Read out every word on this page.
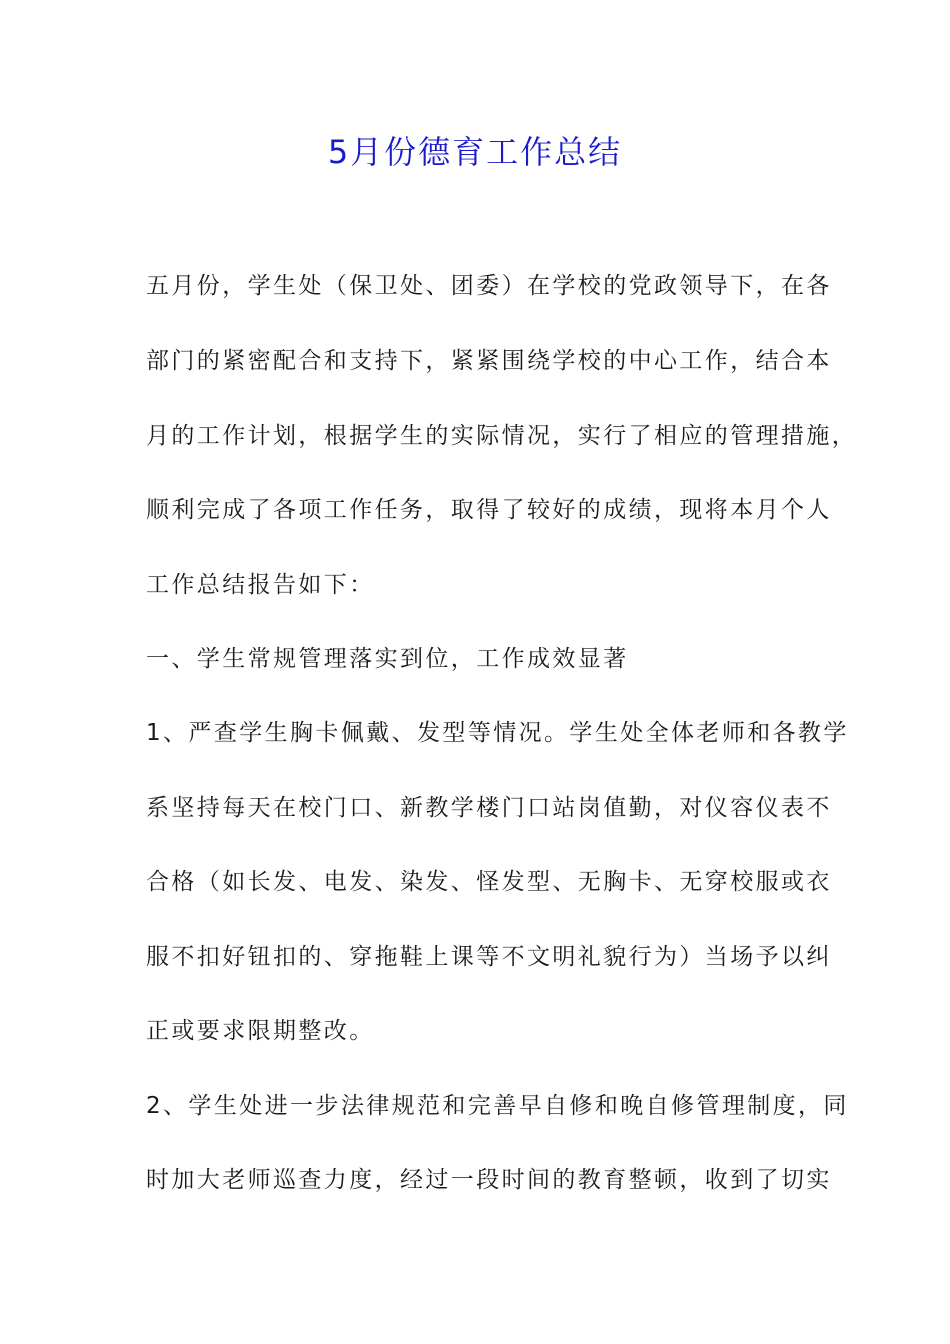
5月份德育工作总结
五月份，学生处（保卫处、团委）在学校的党政领导下，在各
部门的紧密配合和支持下，紧紧围绕学校的中心工作，结合本
月的工作计划，根据学生的实际情况，实行了相应的管理措施，
顺利完成了各项工作任务，取得了较好的成绩，现将本月个人
工作总结报告如下：
一、学生常规管理落实到位，工作成效显著
1、严查学生胸卡佩戴、发型等情况。学生处全体老师和各教学
系坚持每天在校门口、新教学楼门口站岗值勤，对仪容仪表不
合格（如长发、电发、染发、怪发型、无胸卡、无穿校服或衣
服不扣好钮扣的、穿拖鞋上课等不文明礼貌行为）当场予以纠
正或要求限期整改。
2、学生处进一步法律规范和完善早自修和晚自修管理制度，同
时加大老师巡查力度，经过一段时间的教育整顿，收到了切实
